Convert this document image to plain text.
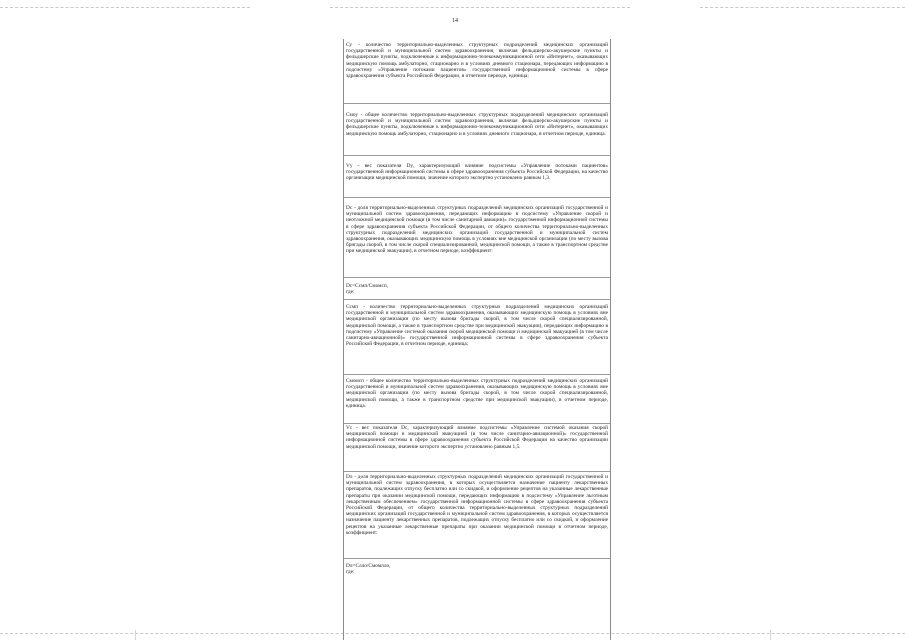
14
Су - количество территориально-выделенных структурных подразделений медицинских организаций государственной и муниципальной систем здравоохранения, включая фельдшерско-акушерские пункты и фельдшерские пункты, подключенные к информационно-телекоммуникационной сети «Интернет», оказывающих медицинскую помощь амбулаторно, стационарно и в условиях дневного стационара, передающих информацию в подсистему «Управление потоками пациентов» государственной информационной системы в сфере здравоохранения субъекта Российской Федерации, в отчетном периоде, единица;
Смоу - общее количество территориально-выделенных структурных подразделений медицинских организаций государственной и муниципальной систем здравоохранения, включая фельдшерско-акушерские пункты и фельдшерские пункты, подключенные к информационно-телекоммуникационной сети «Интернет», оказывающих медицинскую помощь амбулаторно, стационарно и в условиях дневного стационара, в отчетном периоде, единица.
Vу - вес показателя Dу, характеризующий влияние подсистемы «Управление потоками пациентов» государственной информационной системы в сфере здравоохранения субъекта Российской Федерации, на качество организации медицинской помощи, значение которого экспертно установлено равным 1,3.
Dc - доля территориально-выделенных структурных подразделений медицинских организаций государственной и муниципальной систем здравоохранения, передающих информацию в подсистему «Управление скорой и неотложной медицинской помощи (в том числе санитарной авиации)» государственной информационной системы в сфере здравоохранения субъекта Российской Федерации, от общего количества территориально-выделенных структурных подразделений медицинских организаций государственной и муниципальной систем здравоохранения, оказывающих медицинскую помощь в условиях вне медицинской организации (по месту вызова бригады скорой, в том числе скорой специализированной, медицинской помощи, а также в транспортном средстве при медицинской эвакуации), в отчетном периоде, коэффициент:
Dc=Cсмп/Cмомсп,
где:
Cсмп - количество территориально-выделенных структурных подразделений медицинских организаций государственной и муниципальной систем здравоохранения, оказывающих медицинскую помощь в условиях вне медицинской организации (по месту вызова бригады скорой, в том числе скорой специализированной, медицинской помощи, а также в транспортном средстве при медицинской эвакуации), передающих информацию в подсистему «Управление системой оказания скорой медицинской помощи и медицинской эвакуацией (в том числе санитарно-авиационной)» государственной информационной системы в сфере здравоохранения субъекта Российской Федерации, в отчетном периоде, единица;
Cмомсп - общее количество территориально-выделенных структурных подразделений медицинских организаций государственной и муниципальной систем здравоохранения, оказывающих медицинскую помощь в условиях вне медицинской организации (по месту вызова бригады скорой, в том числе скорой специализированной, медицинской помощи, а также в транспортном средстве при медицинской эвакуации), в отчетном периоде, единица.
Vc - вес показателя Dc, характеризующий влияние подсистемы «Управление системой оказания скорой медицинской помощи и медицинской эвакуацией (в том числе санитарно-авиационной)» государственной информационной системы в сфере здравоохранения субъекта Российской Федерации на качество организации медицинской помощи, значение которого экспертно установлено равным 1,5.
Dл - доля территориально-выделенных структурных подразделений медицинских организаций государственной и муниципальной систем здравоохранения, в которых осуществляется назначение пациенту лекарственных препаратов, подлежащих отпуску бесплатно или со скидкой, и оформление рецептов на указанные лекарственные препараты при оказании медицинской помощи, передающих информацию в подсистему «Управление льготным лекарственным обеспечением» государственной информационной системы в сфере здравоохранения субъекта Российской Федерации, от общего количества территориально-выделенных структурных подразделений медицинских организаций государственной и муниципальной систем здравоохранения, в которых осуществляется назначение пациенту лекарственных препаратов, подлежащих отпуску бесплатно или со скидкой, и оформление рецептов на указанные лекарственные препараты при оказании медицинской помощи в отчетном периоде, коэффициент:
Dл=Cлло/Cмомлло,
где:
